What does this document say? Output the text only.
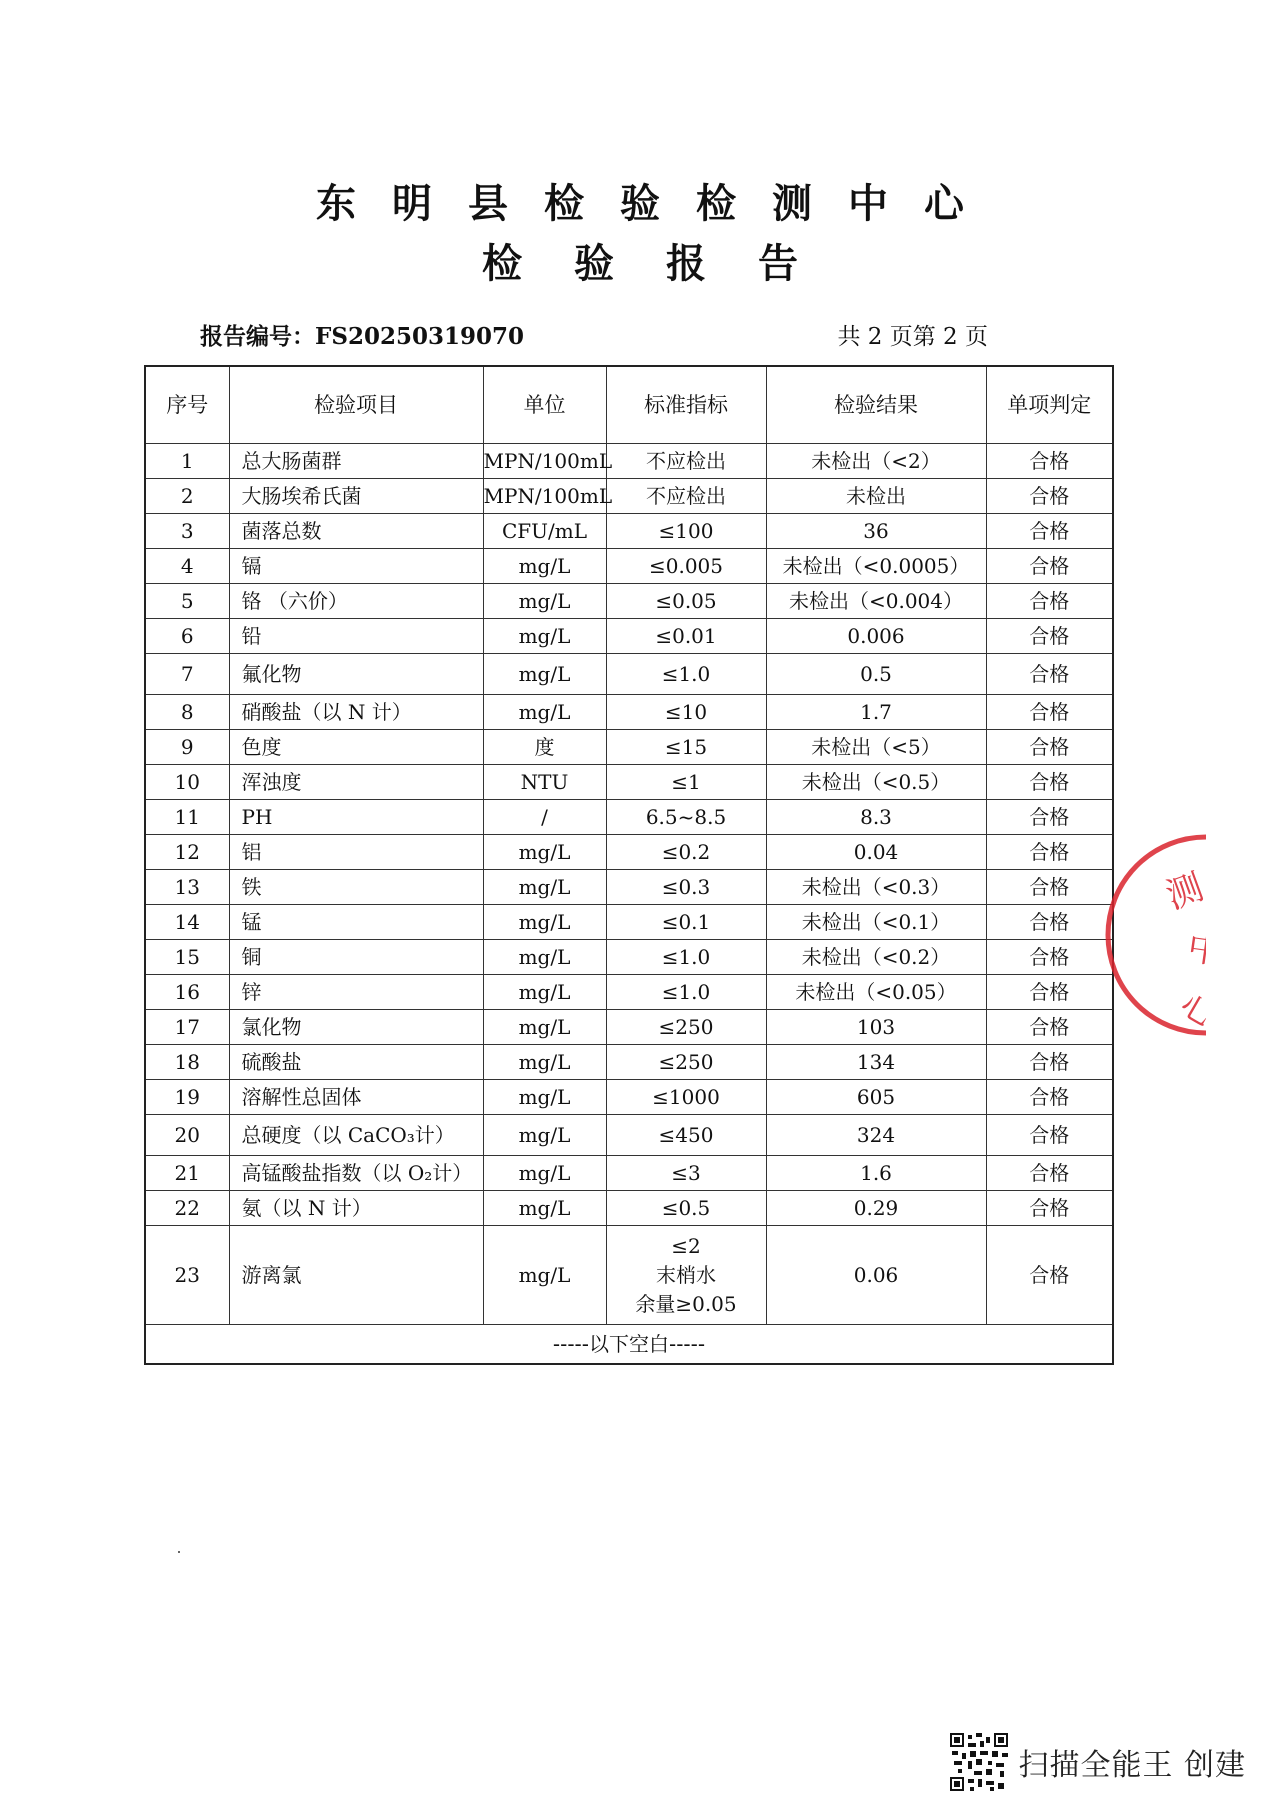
东明县检验检测中心
检验报告
报告编号：FS20250319070	共 2 页第 2 页
序号	检验项目	单位	标准指标	检验结果	单项判定
1	总大肠菌群	MPN/100mL	不应检出	未检出（<2）	合格
2	大肠埃希氏菌	MPN/100mL	不应检出	未检出	合格
3	菌落总数	CFU/mL	≤100	36	合格
4	镉	mg/L	≤0.005	未检出（<0.0005）	合格
5	铬 （六价）	mg/L	≤0.05	未检出（<0.004）	合格
6	铅	mg/L	≤0.01	0.006	合格
7	氟化物	mg/L	≤1.0	0.5	合格
8	硝酸盐（以 N 计）	mg/L	≤10	1.7	合格
9	色度	度	≤15	未检出（<5）	合格
10	浑浊度	NTU	≤1	未检出（<0.5）	合格
11	PH	/	6.5~8.5	8.3	合格
12	铝	mg/L	≤0.2	0.04	合格
13	铁	mg/L	≤0.3	未检出（<0.3）	合格
14	锰	mg/L	≤0.1	未检出（<0.1）	合格
15	铜	mg/L	≤1.0	未检出（<0.2）	合格
16	锌	mg/L	≤1.0	未检出（<0.05）	合格
17	氯化物	mg/L	≤250	103	合格
18	硫酸盐	mg/L	≤250	134	合格
19	溶解性总固体	mg/L	≤1000	605	合格
20	总硬度（以 CaCO₃计）	mg/L	≤450	324	合格
21	高锰酸盐指数（以 O₂计）	mg/L	≤3	1.6	合格
22	氨（以 N 计）	mg/L	≤0.5	0.29	合格
23	游离氯	mg/L	≤2
末梢水
余量≥0.05	0.06	合格
-----以下空白-----					
测
中
心
扫描全能王 创建
